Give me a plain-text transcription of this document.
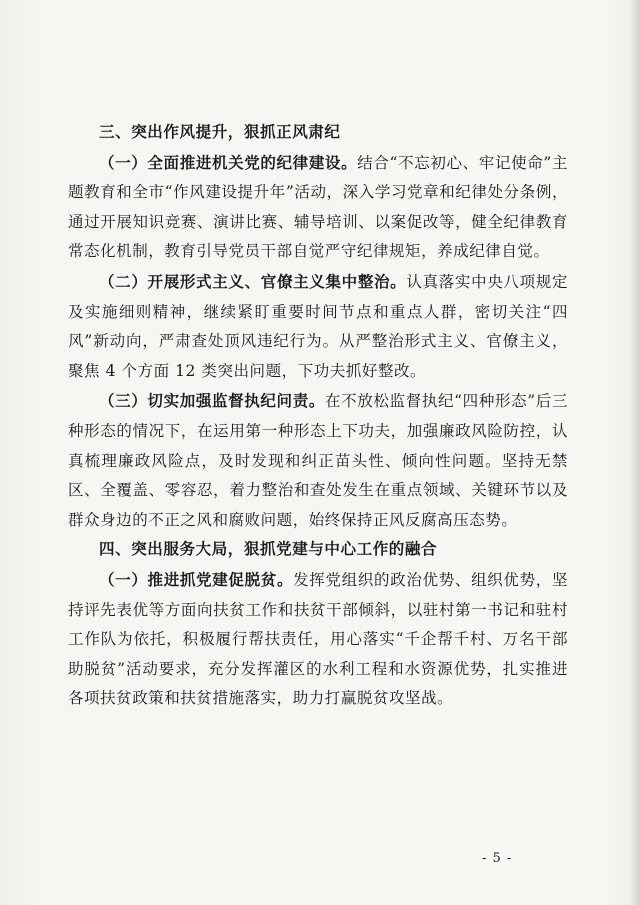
三、突出作风提升，狠抓正风肃纪

（一）全面推进机关党的纪律建设。结合“不忘初心、牢记使命”主题教育和全市“作风建设提升年”活动，深入学习党章和纪律处分条例，通过开展知识竞赛、演讲比赛、辅导培训、以案促改等，健全纪律教育常态化机制，教育引导党员干部自觉严守纪律规矩，养成纪律自觉。

（二）开展形式主义、官僚主义集中整治。认真落实中央八项规定及实施细则精神，继续紧盯重要时间节点和重点人群，密切关注“四风”新动向，严肃查处顶风违纪行为。从严整治形式主义、官僚主义，聚焦 4 个方面 12 类突出问题，下功夫抓好整改。

（三）切实加强监督执纪问责。在不放松监督执纪“四种形态”后三种形态的情况下，在运用第一种形态上下功夫，加强廉政风险防控，认真梳理廉政风险点，及时发现和纠正苗头性、倾向性问题。坚持无禁区、全覆盖、零容忍，着力整治和查处发生在重点领域、关键环节以及群众身边的不正之风和腐败问题，始终保持正风反腐高压态势。

四、突出服务大局，狠抓党建与中心工作的融合

（一）推进抓党建促脱贫。发挥党组织的政治优势、组织优势，坚持评先表优等方面向扶贫工作和扶贫干部倾斜，以驻村第一书记和驻村工作队为依托，积极履行帮扶责任，用心落实“千企帮千村、万名干部助脱贫”活动要求，充分发挥灌区的水利工程和水资源优势，扎实推进各项扶贫政策和扶贫措施落实，助力打赢脱贫攻坚战。

- 5 -
